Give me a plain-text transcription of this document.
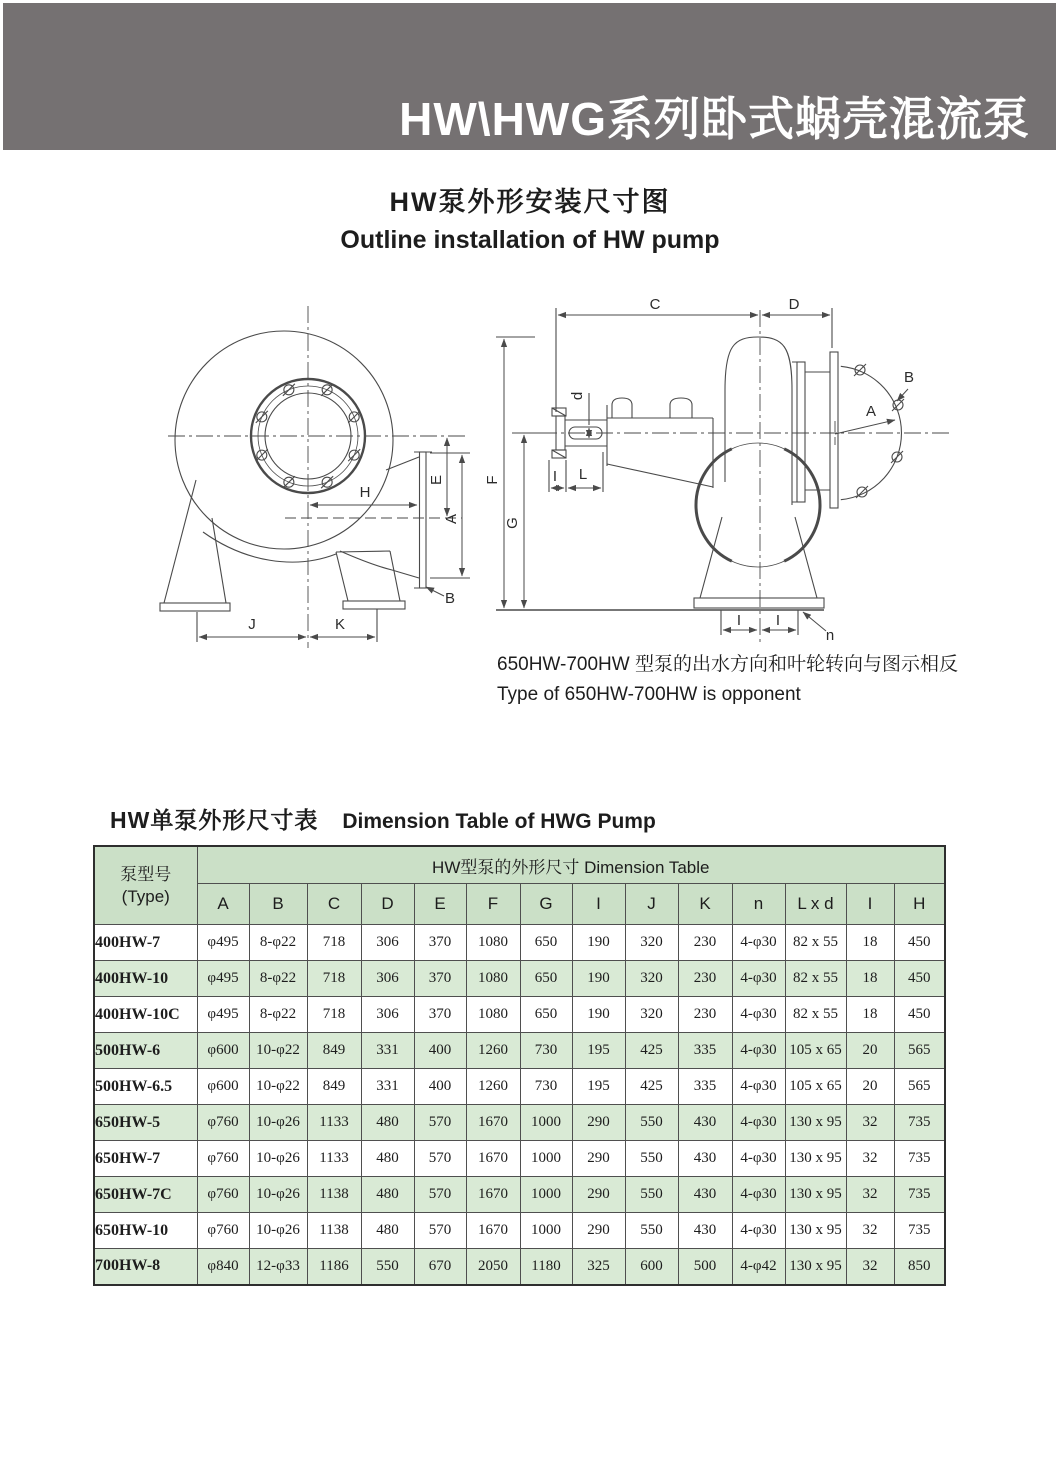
HW\HWG系列卧式蜗壳混流泵
HW泵外形安装尺寸图
Outline installation of HW pump
H
E
A
B
J	K
C	D
F
G
d
I L
A
B
I I
n

650HW-700HW 型泵的出水方向和叶轮转向与图示相反

Type of 650HW-700HW is opponent

HW单泵外形尺寸表 Dimension Table of HWG Pump
泵型号
(Type)	HW型泵的外形尺寸 Dimension Table													
	A	B	C	D	E	F	G	I	J	K	n	L x d	I	H
400HW-7	φ495	8-φ22	718	306	370	1080	650	190	320	230	4-φ30	82 x 55	18	450
400HW-10	φ495	8-φ22	718	306	370	1080	650	190	320	230	4-φ30	82 x 55	18	450
400HW-10C	φ495	8-φ22	718	306	370	1080	650	190	320	230	4-φ30	82 x 55	18	450
500HW-6	φ600	10-φ22	849	331	400	1260	730	195	425	335	4-φ30	105 x 65	20	565
500HW-6.5	φ600	10-φ22	849	331	400	1260	730	195	425	335	4-φ30	105 x 65	20	565
650HW-5	φ760	10-φ26	1133	480	570	1670	1000	290	550	430	4-φ30	130 x 95	32	735
650HW-7	φ760	10-φ26	1133	480	570	1670	1000	290	550	430	4-φ30	130 x 95	32	735
650HW-7C	φ760	10-φ26	1138	480	570	1670	1000	290	550	430	4-φ30	130 x 95	32	735
650HW-10	φ760	10-φ26	1138	480	570	1670	1000	290	550	430	4-φ30	130 x 95	32	735
700HW-8	φ840	12-φ33	1186	550	670	2050	1180	325	600	500	4-φ42	130 x 95	32	850
